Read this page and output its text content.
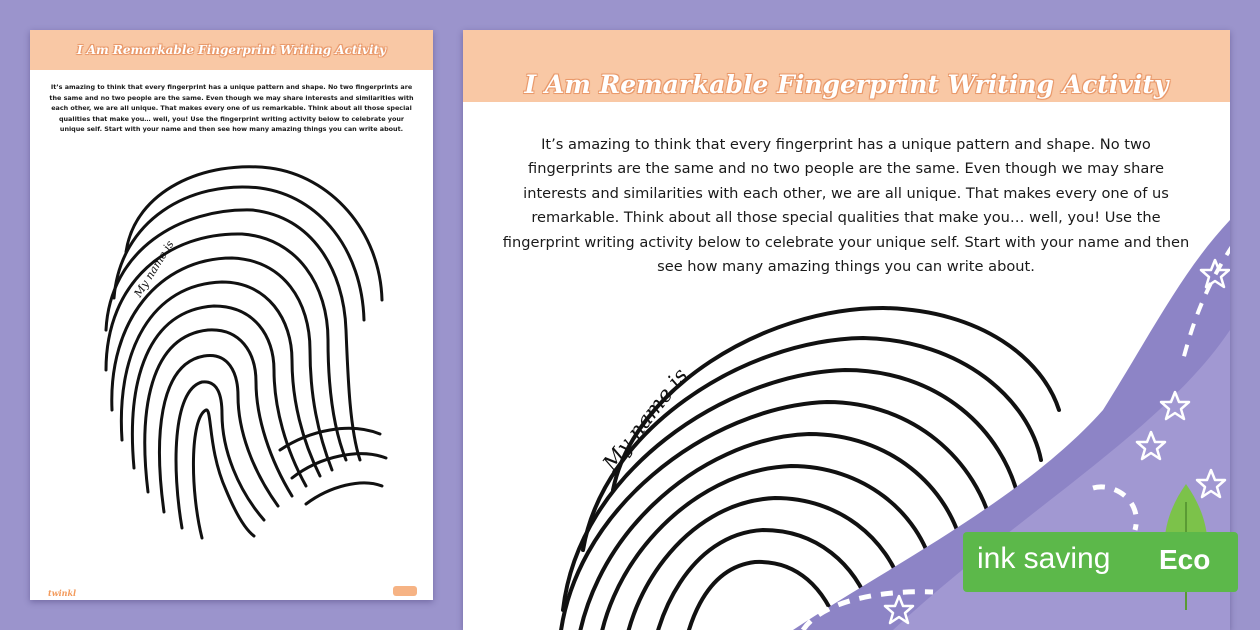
I Am Remarkable Fingerprint Writing Activity

It’s amazing to think that every fingerprint has a unique pattern and shape. No two fingerprints are the same and no two people are the same. Even though we may share interests and similarities with each other, we are all unique. That makes every one of us remarkable. Think about all those special qualities that make you… well, you! Use the fingerprint writing activity below to celebrate your unique self. Start with your name and then see how many amazing things you can write about.

My name is

twinkl
I Am Remarkable Fingerprint Writing Activity

It’s amazing to think that every fingerprint has a unique pattern and shape. No two fingerprints are the same and no two people are the same. Even though we may share interests and similarities with each other, we are all unique. That makes every one of us remarkable. Think about all those special qualities that make you… well, you! Use the fingerprint writing activity below to celebrate your unique self. Start with your name and then see how many amazing things you can write about.

My name is
ink saving Eco
